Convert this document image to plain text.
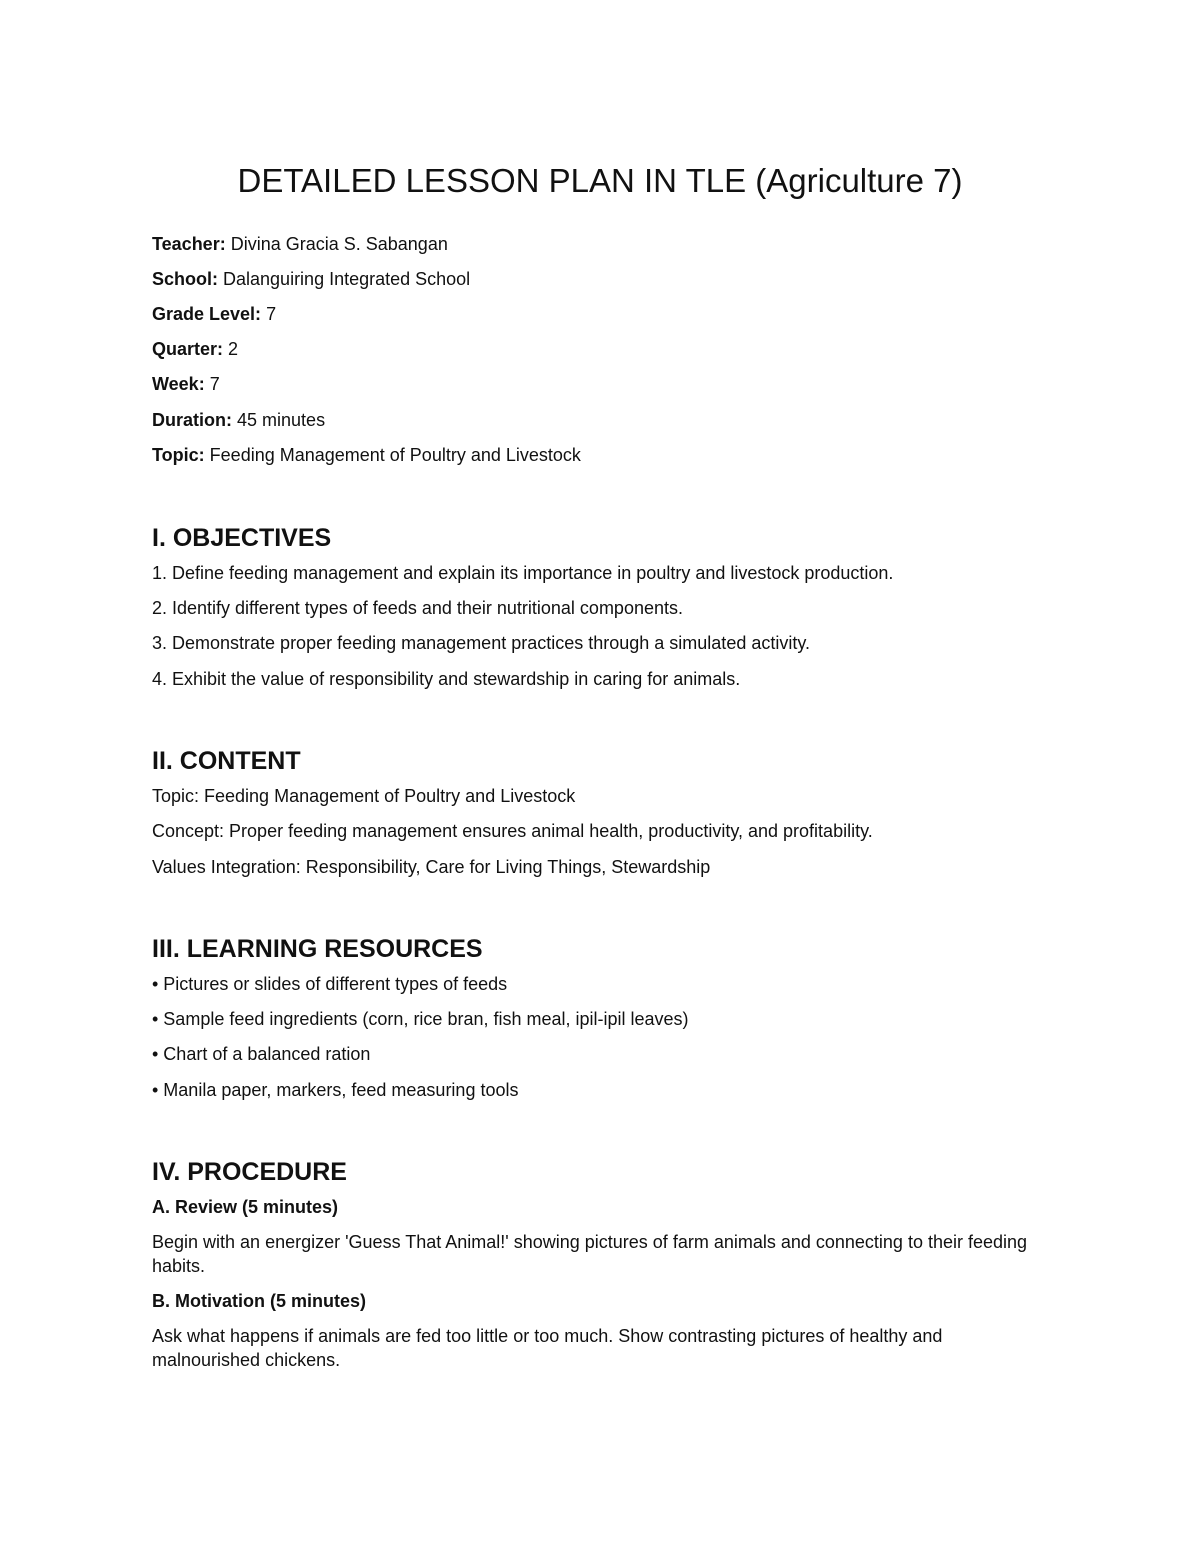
DETAILED LESSON PLAN IN TLE (Agriculture 7)
Teacher: Divina Gracia S. Sabangan
School: Dalanguiring Integrated School
Grade Level: 7
Quarter: 2
Week: 7
Duration: 45 minutes
Topic: Feeding Management of Poultry and Livestock
I. OBJECTIVES
1. Define feeding management and explain its importance in poultry and livestock production.
2. Identify different types of feeds and their nutritional components.
3. Demonstrate proper feeding management practices through a simulated activity.
4. Exhibit the value of responsibility and stewardship in caring for animals.
II. CONTENT
Topic: Feeding Management of Poultry and Livestock
Concept: Proper feeding management ensures animal health, productivity, and profitability.
Values Integration: Responsibility, Care for Living Things, Stewardship
III. LEARNING RESOURCES
• Pictures or slides of different types of feeds
• Sample feed ingredients (corn, rice bran, fish meal, ipil-ipil leaves)
• Chart of a balanced ration
• Manila paper, markers, feed measuring tools
IV. PROCEDURE
A. Review (5 minutes)
Begin with an energizer 'Guess That Animal!' showing pictures of farm animals and connecting to their feeding habits.
B. Motivation (5 minutes)
Ask what happens if animals are fed too little or too much. Show contrasting pictures of healthy and malnourished chickens.
